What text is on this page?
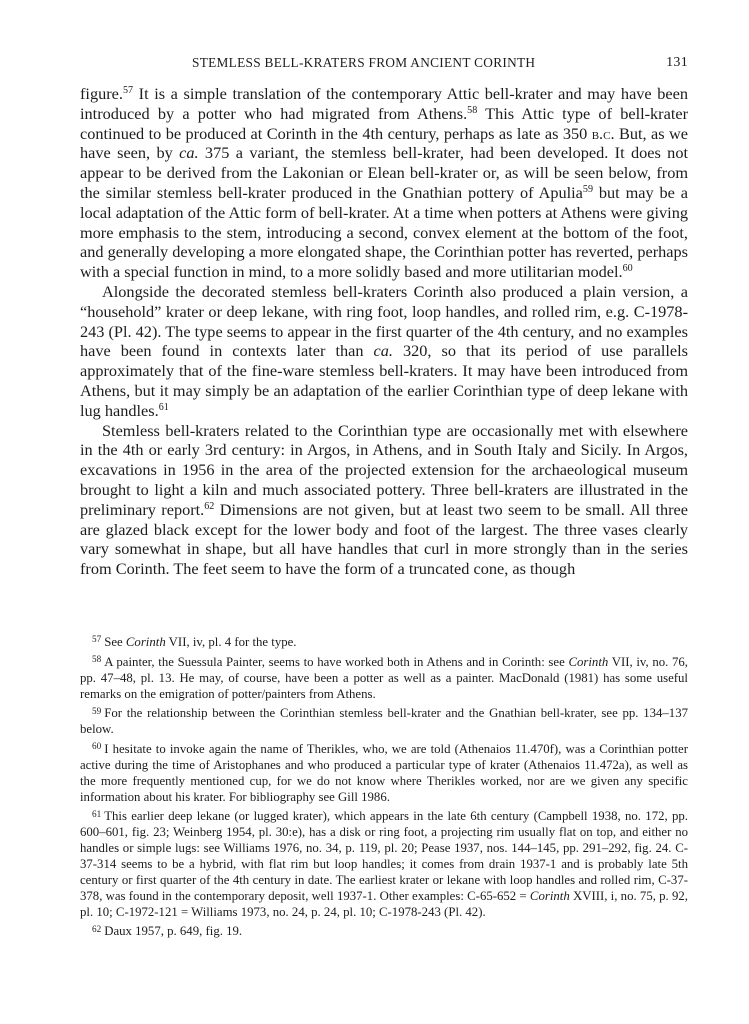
STEMLESS BELL-KRATERS FROM ANCIENT CORINTH	131

figure.$^{57}$ It is a simple translation of the contemporary Attic bell-krater and may have been introduced by a potter who had migrated from Athens.$^{58}$ This Attic type of bell-krater continued to be produced at Corinth in the 4th century, perhaps as late as 350 b.c. But, as we have seen, by ca. 375 a variant, the stemless bell-krater, had been developed. It does not appear to be derived from the Lakonian or Elean bell-krater or, as will be seen below, from the similar stemless bell-krater produced in the Gnathian pottery of Apulia$^{59}$ but may be a local adaptation of the Attic form of bell-krater. At a time when potters at Athens were giving more emphasis to the stem, introducing a second, convex element at the bottom of the foot, and generally developing a more elongated shape, the Corinthian potter has reverted, perhaps with a special function in mind, to a more solidly based and more utilitarian model.$^{60}$

Alongside the decorated stemless bell-kraters Corinth also produced a plain version, a “household” krater or deep lekane, with ring foot, loop handles, and rolled rim, e.g. C-1978-243 (Pl. 42). The type seems to appear in the first quarter of the 4th century, and no examples have been found in contexts later than ca. 320, so that its period of use parallels approximately that of the fine-ware stemless bell-kraters. It may have been introduced from Athens, but it may simply be an adaptation of the earlier Corinthian type of deep lekane with lug handles.$^{61}$

Stemless bell-kraters related to the Corinthian type are occasionally met with elsewhere in the 4th or early 3rd century: in Argos, in Athens, and in South Italy and Sicily. In Argos, excavations in 1956 in the area of the projected extension for the archaeological museum brought to light a kiln and much associated pottery. Three bell-kraters are illustrated in the preliminary report.$^{62}$ Dimensions are not given, but at least two seem to be small. All three are glazed black except for the lower body and foot of the largest. The three vases clearly vary somewhat in shape, but all have handles that curl in more strongly than in the series from Corinth. The feet seem to have the form of a truncated cone, as though

$^{57}$ See Corinth VII, iv, pl. 4 for the type.

$^{58}$ A painter, the Suessula Painter, seems to have worked both in Athens and in Corinth: see Corinth VII, iv, no. 76, pp. 47–48, pl. 13. He may, of course, have been a potter as well as a painter. MacDonald (1981) has some useful remarks on the emigration of potter/painters from Athens.

$^{59}$ For the relationship between the Corinthian stemless bell-krater and the Gnathian bell-krater, see pp. 134–137 below.

$^{60}$ I hesitate to invoke again the name of Therikles, who, we are told (Athenaios 11.470f), was a Corinthian potter active during the time of Aristophanes and who produced a particular type of krater (Athenaios 11.472a), as well as the more frequently mentioned cup, for we do not know where Therikles worked, nor are we given any specific information about his krater. For bibliography see Gill 1986.

$^{61}$ This earlier deep lekane (or lugged krater), which appears in the late 6th century (Campbell 1938, no. 172, pp. 600–601, fig. 23; Weinberg 1954, pl. 30:e), has a disk or ring foot, a projecting rim usually flat on top, and either no handles or simple lugs: see Williams 1976, no. 34, p. 119, pl. 20; Pease 1937, nos. 144–145, pp. 291–292, fig. 24. C-37-314 seems to be a hybrid, with flat rim but loop handles; it comes from drain 1937-1 and is probably late 5th century or first quarter of the 4th century in date. The earliest krater or lekane with loop handles and rolled rim, C-37-378, was found in the contemporary deposit, well 1937-1. Other examples: C-65-652 = Corinth XVIII, i, no. 75, p. 92, pl. 10; C-1972-121 = Williams 1973, no. 24, p. 24, pl. 10; C-1978-243 (Pl. 42).

$^{62}$ Daux 1957, p. 649, fig. 19.
